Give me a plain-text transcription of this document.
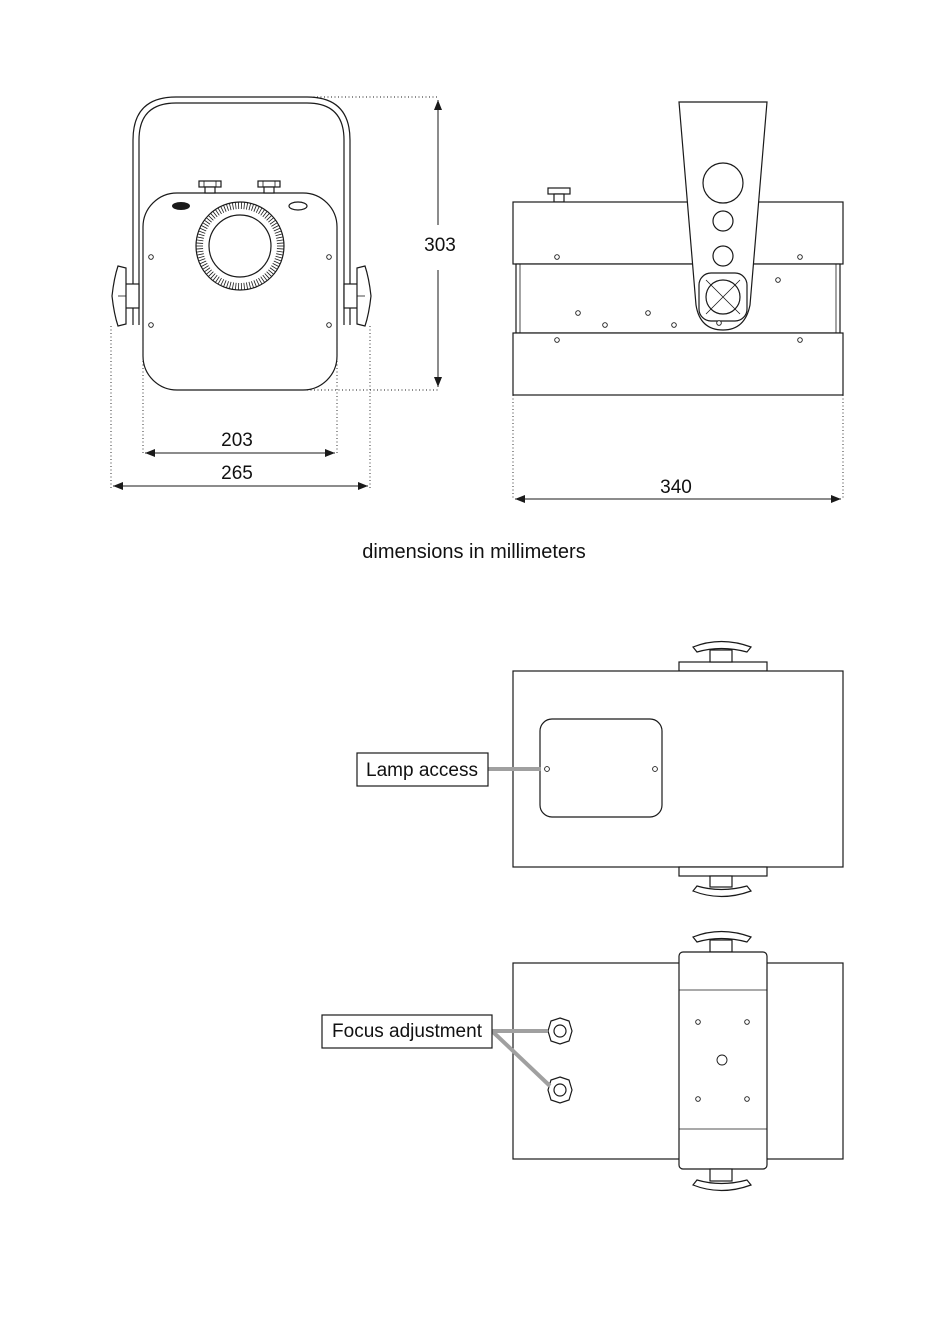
303
203
265
340
dimensions in millimeters
Lamp access
Focus adjustment
